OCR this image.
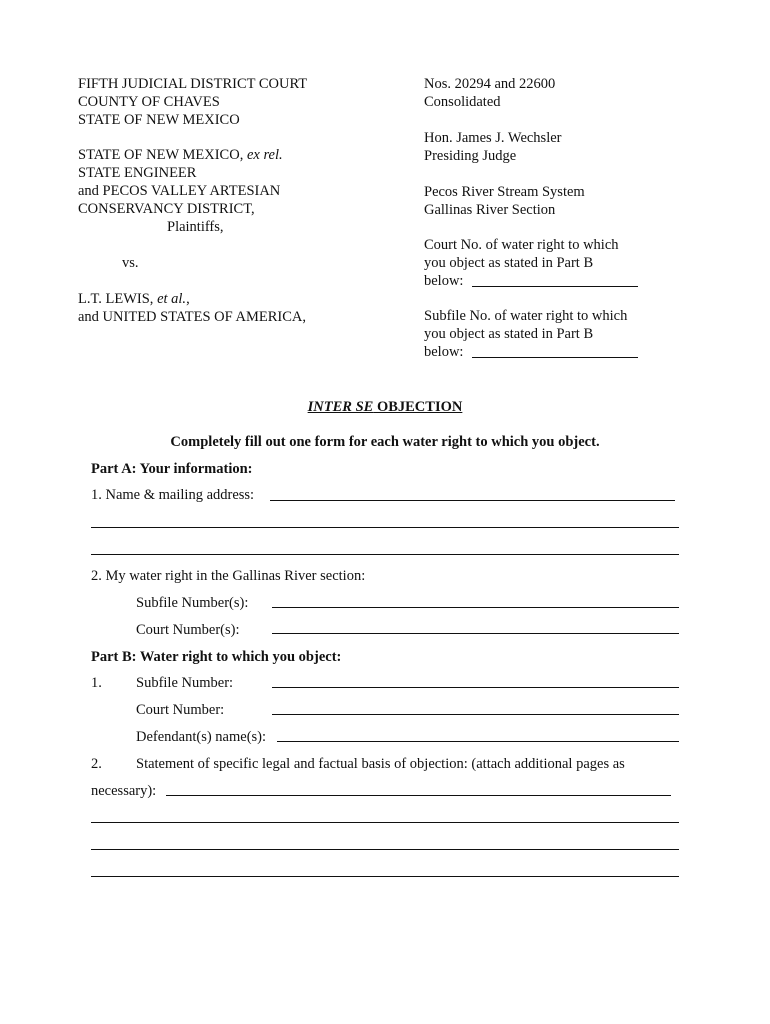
FIFTH JUDICIAL DISTRICT COURT
COUNTY OF CHAVES
STATE OF NEW MEXICO
STATE OF NEW MEXICO, ex rel.
STATE ENGINEER
and PECOS VALLEY ARTESIAN
CONSERVANCY DISTRICT,
Plaintiffs,
vs.
L.T. LEWIS, et al.,
and UNITED STATES OF AMERICA,
Nos. 20294 and 22600
Consolidated
Hon. James J. Wechsler
Presiding Judge
Pecos River Stream System
Gallinas River Section
Court No. of water right to which
you object as stated in Part B
below:
Subfile No. of water right to which
you object as stated in Part B
below:
INTER SE OBJECTION
Completely fill out one form for each water right to which you object.
Part A: Your information:
1. Name & mailing address:
2. My water right in the Gallinas River section:
Subfile Number(s):
Court Number(s):
Part B: Water right to which you object:
1. Subfile Number:
Court Number:
Defendant(s) name(s):
2. Statement of specific legal and factual basis of objection: (attach additional pages as
necessary):
